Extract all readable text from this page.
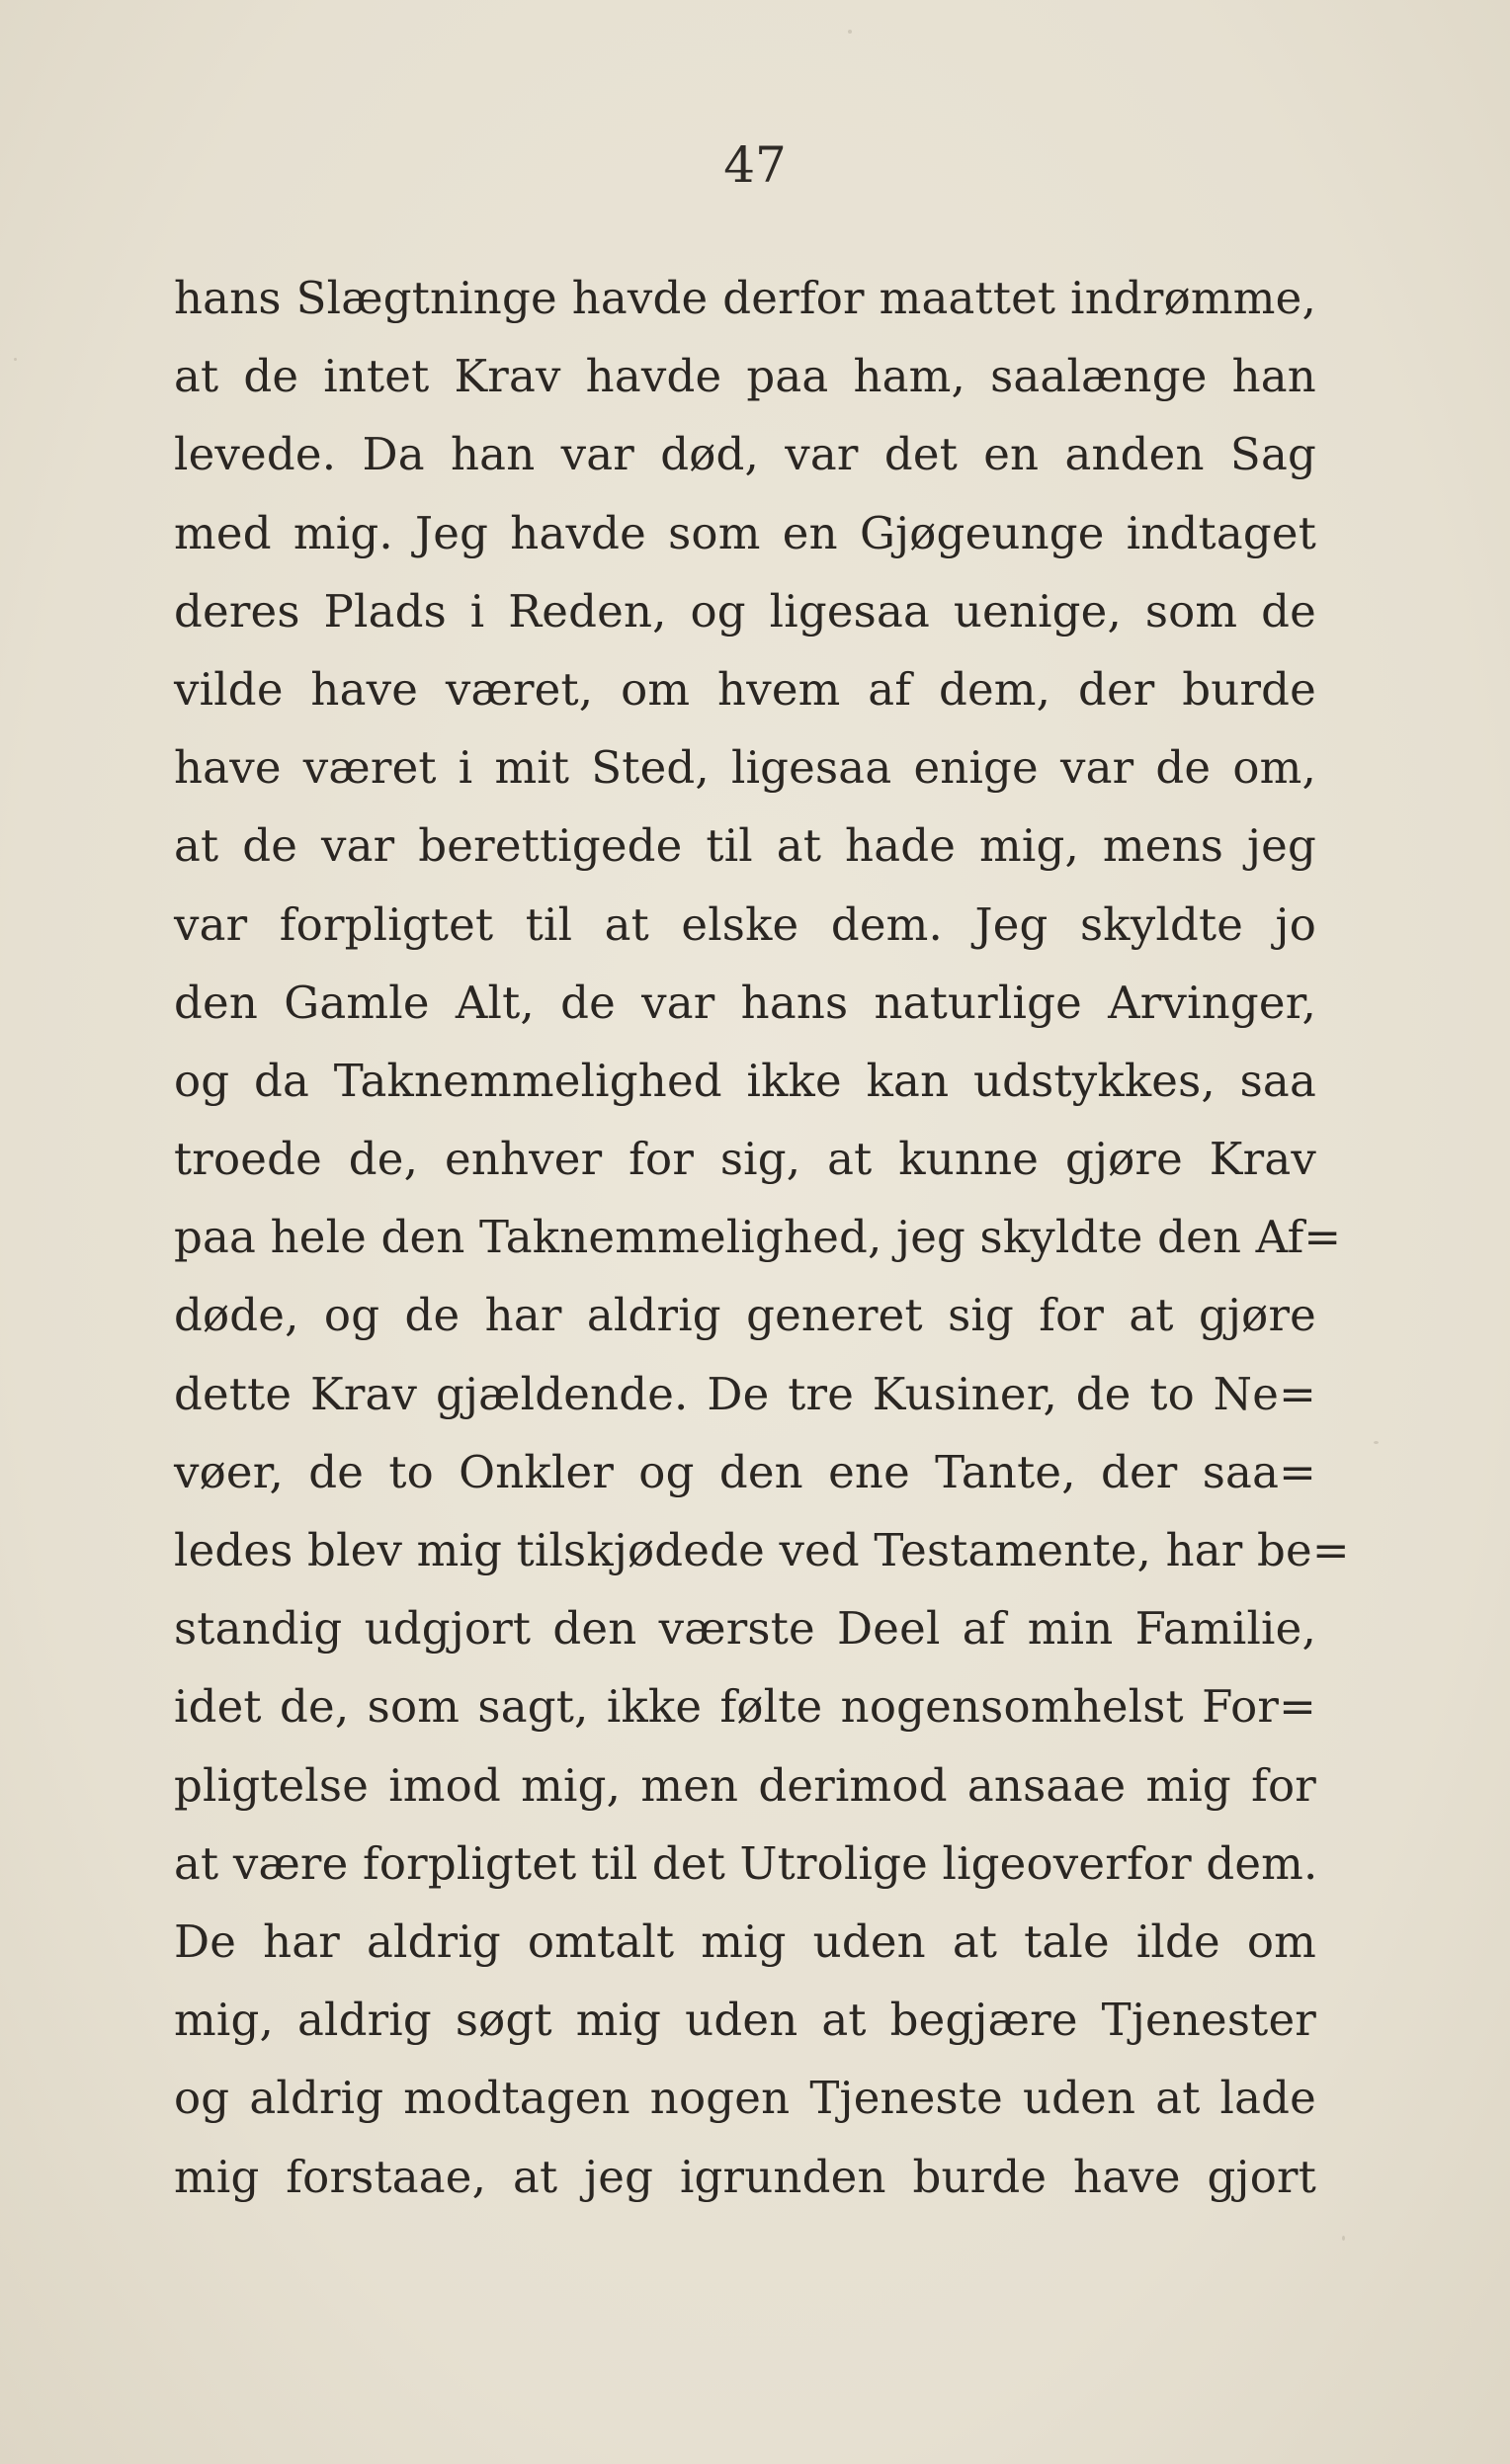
47
hans Slægtninge havde derfor maattet indrømme,
at de intet Krav havde paa ham, saalænge han
levede. Da han var død, var det en anden Sag
med mig. Jeg havde som en Gjøgeunge indtaget
deres Plads i Reden, og ligesaa uenige, som de
vilde have været, om hvem af dem, der burde
have været i mit Sted, ligesaa enige var de om,
at de var berettigede til at hade mig, mens jeg
var forpligtet til at elske dem. Jeg skyldte jo
den Gamle Alt, de var hans naturlige Arvinger,
og da Taknemmelighed ikke kan udstykkes, saa
troede de, enhver for sig, at kunne gjøre Krav
paa hele den Taknemmelighed, jeg skyldte den Af=
døde, og de har aldrig generet sig for at gjøre
dette Krav gjældende. De tre Kusiner, de to Ne=
vøer, de to Onkler og den ene Tante, der saa=
ledes blev mig tilskjødede ved Testamente, har be=
standig udgjort den værste Deel af min Familie,
idet de, som sagt, ikke følte nogensomhelst For=
pligtelse imod mig, men derimod ansaae mig for
at være forpligtet til det Utrolige ligeoverfor dem.
De har aldrig omtalt mig uden at tale ilde om
mig, aldrig søgt mig uden at begjære Tjenester
og aldrig modtagen nogen Tjeneste uden at lade
mig forstaae, at jeg igrunden burde have gjort
